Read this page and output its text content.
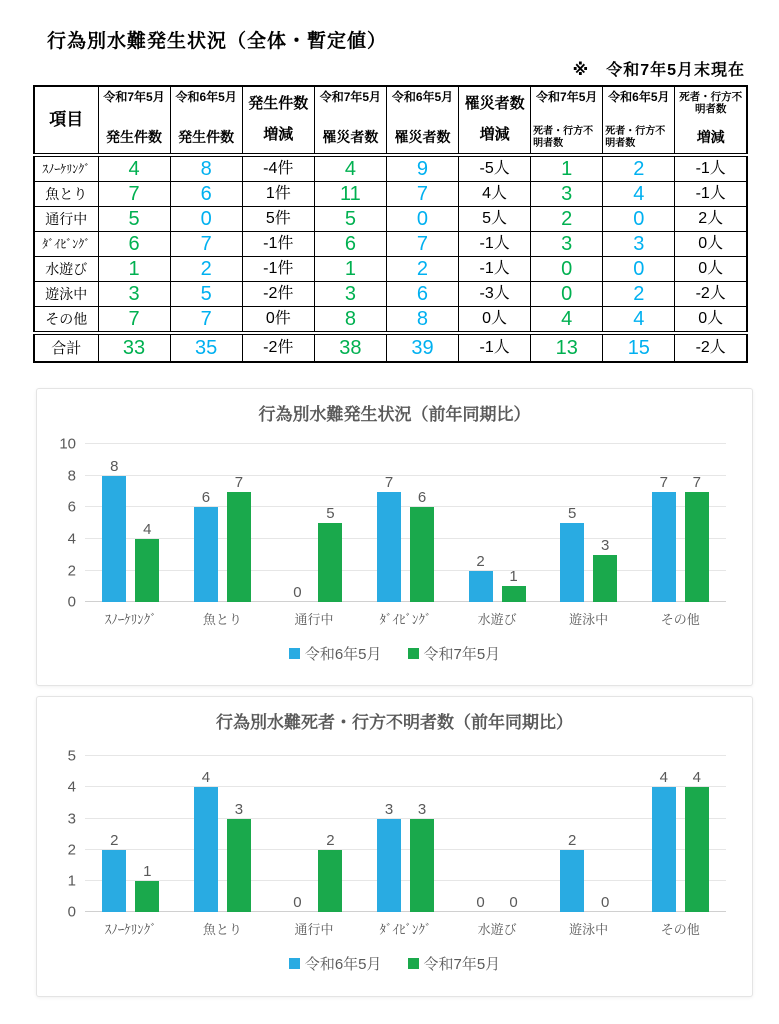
行為別水難発生状況（全体・暫定値）
※　令和7年5月末現在
項目

令和7年5月
発生件数

令和6年5月
発生件数

発生件数
増減

令和7年5月
罹災者数

令和6年5月
罹災者数

罹災者数
増減

令和7年5月
死者・行方不明者数

令和6年5月
死者・行方不明者数

死者・行方不明者数
増減

ｽﾉｰｹﾘﾝｸﾞ	4	8	-4件	4	9	-5人	1	2	-1人
魚とり	7	6	1件	11	7	4人	3	4	-1人
通行中	5	0	5件	5	0	5人	2	0	2人
ﾀﾞｲﾋﾞﾝｸﾞ	6	7	-1件	6	7	-1人	3	3	0人
水遊び	1	2	-1件	1	2	-1人	0	0	0人
遊泳中	3	5	-2件	3	6	-3人	0	2	-2人
その他	7	7	0件	8	8	0人	4	4	0人
合計	33	35	-2件	38	39	-1人	13	15	-2人
行為別水難発生状況（前年同期比）
0
2
4
6
8
10
8
4
6
7
0
5
7
6
2
1
5
3
7 7
ｽﾉｰｹﾘﾝｸﾞ	魚とり	通行中	ﾀﾞｲﾋﾞﾝｸﾞ	水遊び	遊泳中	その他
令和6年5月	令和7年5月
行為別水難死者・行方不明者数（前年同期比）
0
1
2
3
4
5
2
1
4
3
0
2
3 3
0 0
2
0
4 4
ｽﾉｰｹﾘﾝｸﾞ	魚とり	通行中	ﾀﾞｲﾋﾞﾝｸﾞ	水遊び	遊泳中	その他
令和6年5月	令和7年5月
